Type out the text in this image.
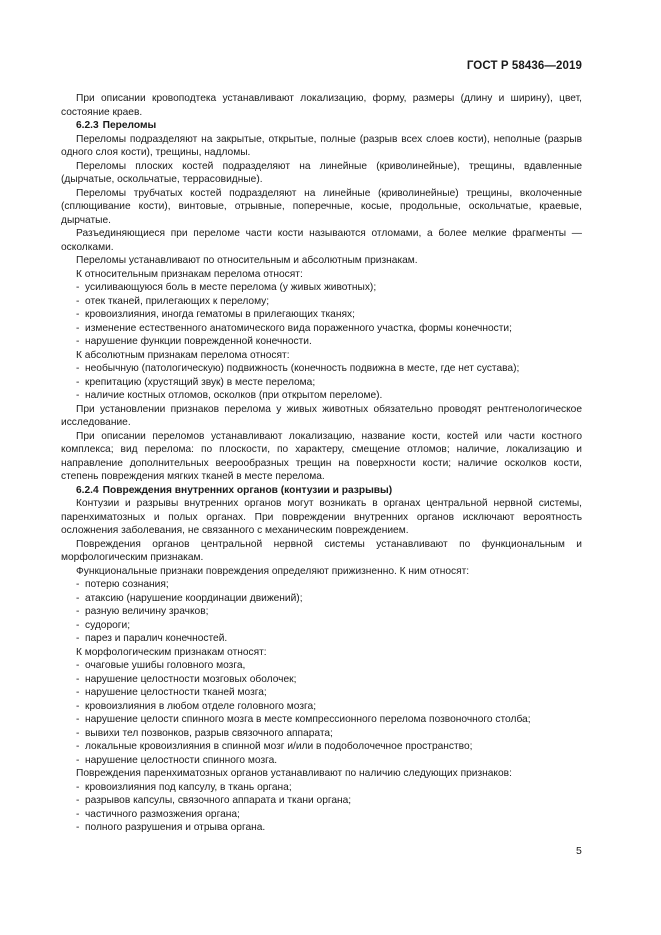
ГОСТ Р 58436—2019

При описании кровоподтека устанавливают локализацию, форму, размеры (длину и ширину), цвет, состояние краев.

6.2.3 Переломы

Переломы подразделяют на закрытые, открытые, полные (разрыв всех слоев кости), неполные (разрыв одного слоя кости), трещины, надломы.

Переломы плоских костей подразделяют на линейные (криволинейные), трещины, вдавленные (дырчатые, оскольчатые, террасовидные).

Переломы трубчатых костей подразделяют на линейные (криволинейные) трещины, вколоченные (сплющивание кости), винтовые, отрывные, поперечные, косые, продольные, оскольчатые, краевые, дырчатые.

Разъединяющиеся при переломе части кости называются отломами, а более мелкие фрагменты — осколками.

Переломы устанавливают по относительным и абсолютным признакам.

К относительным признакам перелома относят:

- усиливающуюся боль в месте перелома (у живых животных);

- отек тканей, прилегающих к перелому;

- кровоизлияния, иногда гематомы в прилегающих тканях;

- изменение естественного анатомического вида пораженного участка, формы конечности;

- нарушение функции поврежденной конечности.

К абсолютным признакам перелома относят:

- необычную (патологическую) подвижность (конечность подвижна в месте, где нет сустава);

- крепитацию (хрустящий звук) в месте перелома;

- наличие костных отломов, осколков (при открытом переломе).

При установлении признаков перелома у живых животных обязательно проводят рентгенологическое исследование.

При описании переломов устанавливают локализацию, название кости, костей или части костного комплекса; вид перелома: по плоскости, по характеру, смещение отломов; наличие, локализацию и направление дополнительных веерообразных трещин на поверхности кости; наличие осколков кости, степень повреждения мягких тканей в месте перелома.

6.2.4 Повреждения внутренних органов (контузии и разрывы)

Контузии и разрывы внутренних органов могут возникать в органах центральной нервной системы, паренхиматозных и полых органах. При повреждении внутренних органов исключают вероятность осложнения заболевания, не связанного с механическим повреждением.

Повреждения органов центральной нервной системы устанавливают по функциональным и морфологическим признакам.

Функциональные признаки повреждения определяют прижизненно. К ним относят:

- потерю сознания;

- атаксию (нарушение координации движений);

- разную величину зрачков;

- судороги;

- парез и паралич конечностей.

К морфологическим признакам относят:

- очаговые ушибы головного мозга,

- нарушение целостности мозговых оболочек;

- нарушение целостности тканей мозга;

- кровоизлияния в любом отделе головного мозга;

- нарушение целости спинного мозга в месте компрессионного перелома позвоночного столба;

- вывихи тел позвонков, разрыв связочного аппарата;

- локальные кровоизлияния в спинной мозг и/или в подоболочечное пространство;

- нарушение целостности спинного мозга.

Повреждения паренхиматозных органов устанавливают по наличию следующих признаков:

- кровоизлияния под капсулу, в ткань органа;

- разрывов капсулы, связочного аппарата и ткани органа;

- частичного размозжения органа;

- полного разрушения и отрыва органа.

5
